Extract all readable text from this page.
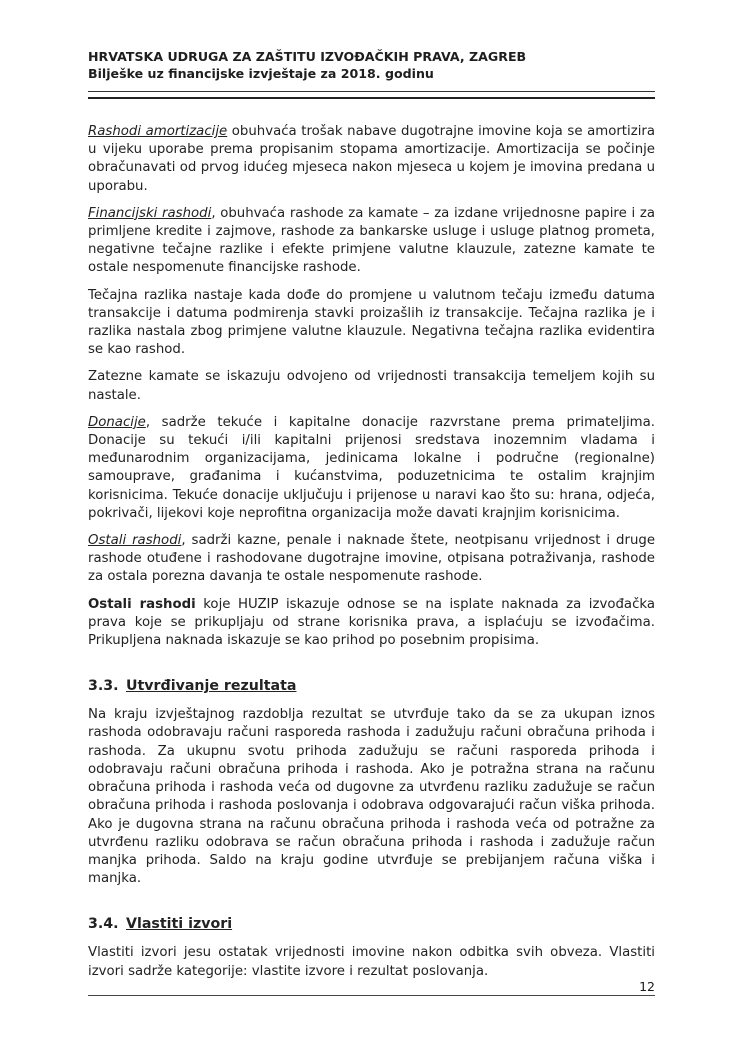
HRVATSKA UDRUGA ZA ZAŠTITU IZVOĐAČKIH PRAVA, ZAGREB
Bilješke uz financijske izvještaje za 2018. godinu

Rashodi amortizacije obuhvaća trošak nabave dugotrajne imovine koja se amortizira u vijeku uporabe prema propisanim stopama amortizacije. Amortizacija se počinje obračunavati od prvog idućeg mjeseca nakon mjeseca u kojem je imovina predana u uporabu.

Financijski rashodi, obuhvaća rashode za kamate – za izdane vrijednosne papire i za primljene kredite i zajmove, rashode za bankarske usluge i usluge platnog prometa, negativne tečajne razlike i efekte primjene valutne klauzule, zatezne kamate te ostale nespomenute financijske rashode.

Tečajna razlika nastaje kada dođe do promjene u valutnom tečaju između datuma transakcije i datuma podmirenja stavki proizašlih iz transakcije. Tečajna razlika je i razlika nastala zbog primjene valutne klauzule. Negativna tečajna razlika evidentira se kao rashod.

Zatezne kamate se iskazuju odvojeno od vrijednosti transakcija temeljem kojih su nastale.

Donacije, sadrže tekuće i kapitalne donacije razvrstane prema primateljima. Donacije su tekući i/ili kapitalni prijenosi sredstava inozemnim vladama i međunarodnim organizacijama, jedinicama lokalne i područne (regionalne) samouprave, građanima i kućanstvima, poduzetnicima te ostalim krajnjim korisnicima. Tekuće donacije uključuju i prijenose u naravi kao što su: hrana, odjeća, pokrivači, lijekovi koje neprofitna organizacija može davati krajnjim korisnicima.

Ostali rashodi, sadrži kazne, penale i naknade štete, neotpisanu vrijednost i druge rashode otuđene i rashodovane dugotrajne imovine, otpisana potraživanja, rashode za ostala porezna davanja te ostale nespomenute rashode.

Ostali rashodi koje HUZIP iskazuje odnose se na isplate naknada za izvođačka prava koje se prikupljaju od strane korisnika prava, a isplaćuju se izvođačima. Prikupljena naknada iskazuje se kao prihod po posebnim propisima.

3.3. Utvrđivanje rezultata

Na kraju izvještajnog razdoblja rezultat se utvrđuje tako da se za ukupan iznos rashoda odobravaju računi rasporeda rashoda i zadužuju računi obračuna prihoda i rashoda. Za ukupnu svotu prihoda zadužuju se računi rasporeda prihoda i odobravaju računi obračuna prihoda i rashoda. Ako je potražna strana na računu obračuna prihoda i rashoda veća od dugovne za utvrđenu razliku zadužuje se račun obračuna prihoda i rashoda poslovanja i odobrava odgovarajući račun viška prihoda. Ako je dugovna strana na računu obračuna prihoda i rashoda veća od potražne za utvrđenu razliku odobrava se račun obračuna prihoda i rashoda i zadužuje račun manjka prihoda. Saldo na kraju godine utvrđuje se prebijanjem računa viška i manjka.

3.4. Vlastiti izvori

Vlastiti izvori jesu ostatak vrijednosti imovine nakon odbitka svih obveza. Vlastiti izvori sadrže kategorije: vlastite izvore i rezultat poslovanja.

12
